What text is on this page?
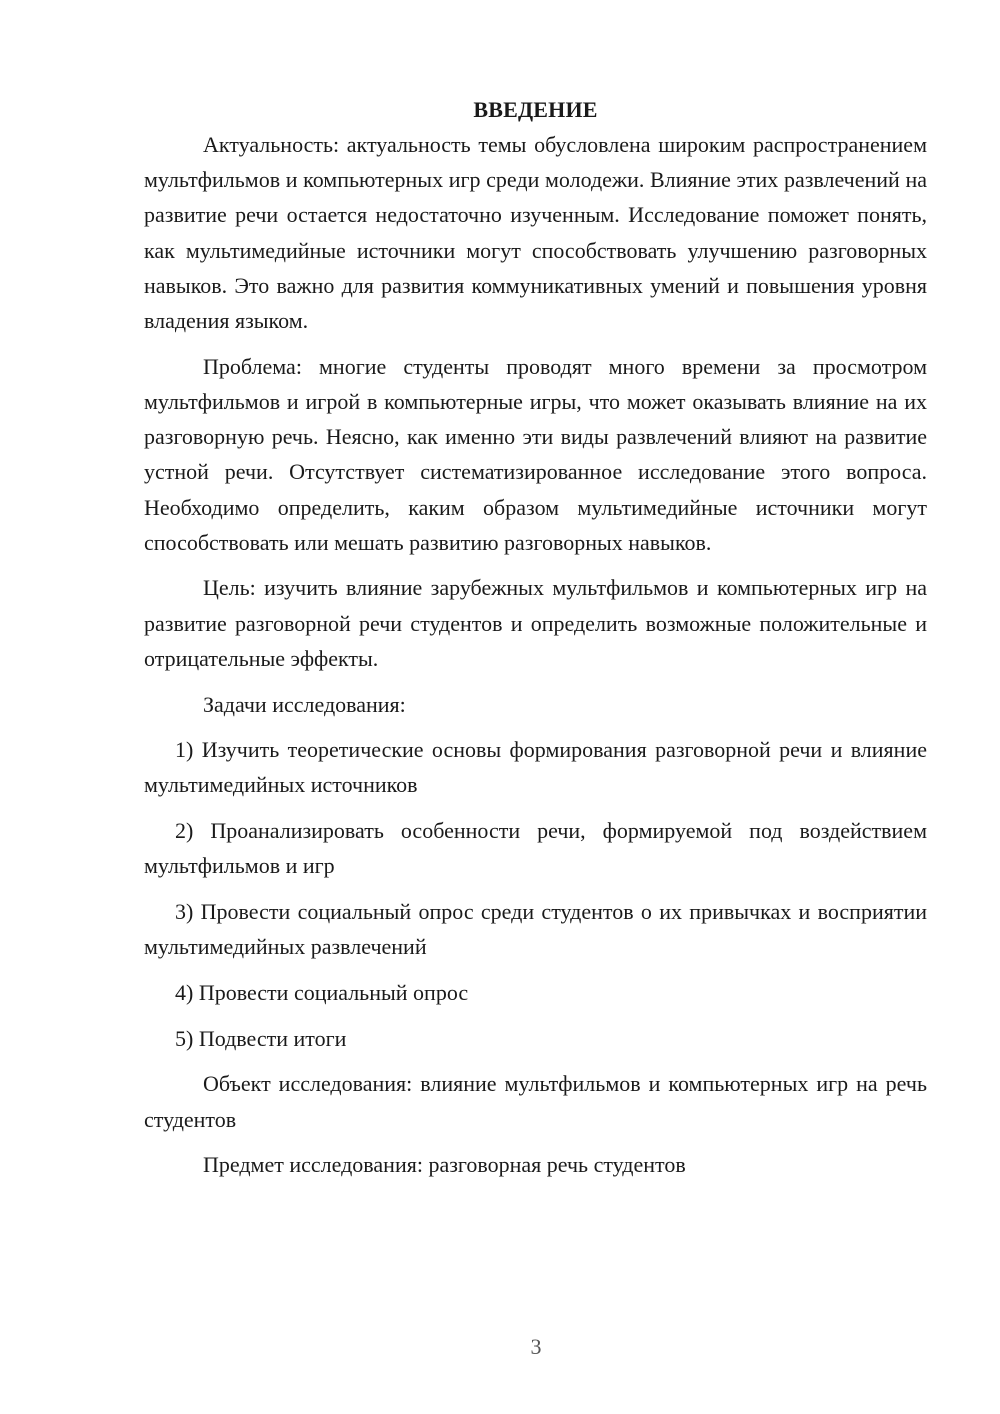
ВВЕДЕНИЕ

Актуальность: актуальность темы обусловлена широким распространением мультфильмов и компьютерных игр среди молодежи. Влияние этих развлечений на развитие речи остается недостаточно изученным. Исследование поможет понять, как мультимедийные источники могут способствовать улучшению разговорных навыков. Это важно для развития коммуникативных умений и повышения уровня владения языком.

Проблема: многие студенты проводят много времени за просмотром мультфильмов и игрой в компьютерные игры, что может оказывать влияние на их разговорную речь. Неясно, как именно эти виды развлечений влияют на развитие устной речи. Отсутствует систематизированное исследование этого вопроса. Необходимо определить, каким образом мультимедийные источники могут способствовать или мешать развитию разговорных навыков.

Цель: изучить влияние зарубежных мультфильмов и компьютерных игр на развитие разговорной речи студентов и определить возможные положительные и отрицательные эффекты.

Задачи исследования:

1) Изучить теоретические основы формирования разговорной речи и влияние мультимедийных источников

2) Проанализировать особенности речи, формируемой под воздействием мультфильмов и игр

3) Провести социальный опрос среди студентов о их привычках и восприятии мультимедийных развлечений

4) Провести социальный опрос

5) Подвести итоги

Объект исследования: влияние мультфильмов и компьютерных игр на речь студентов

Предмет исследования: разговорная речь студентов

3
